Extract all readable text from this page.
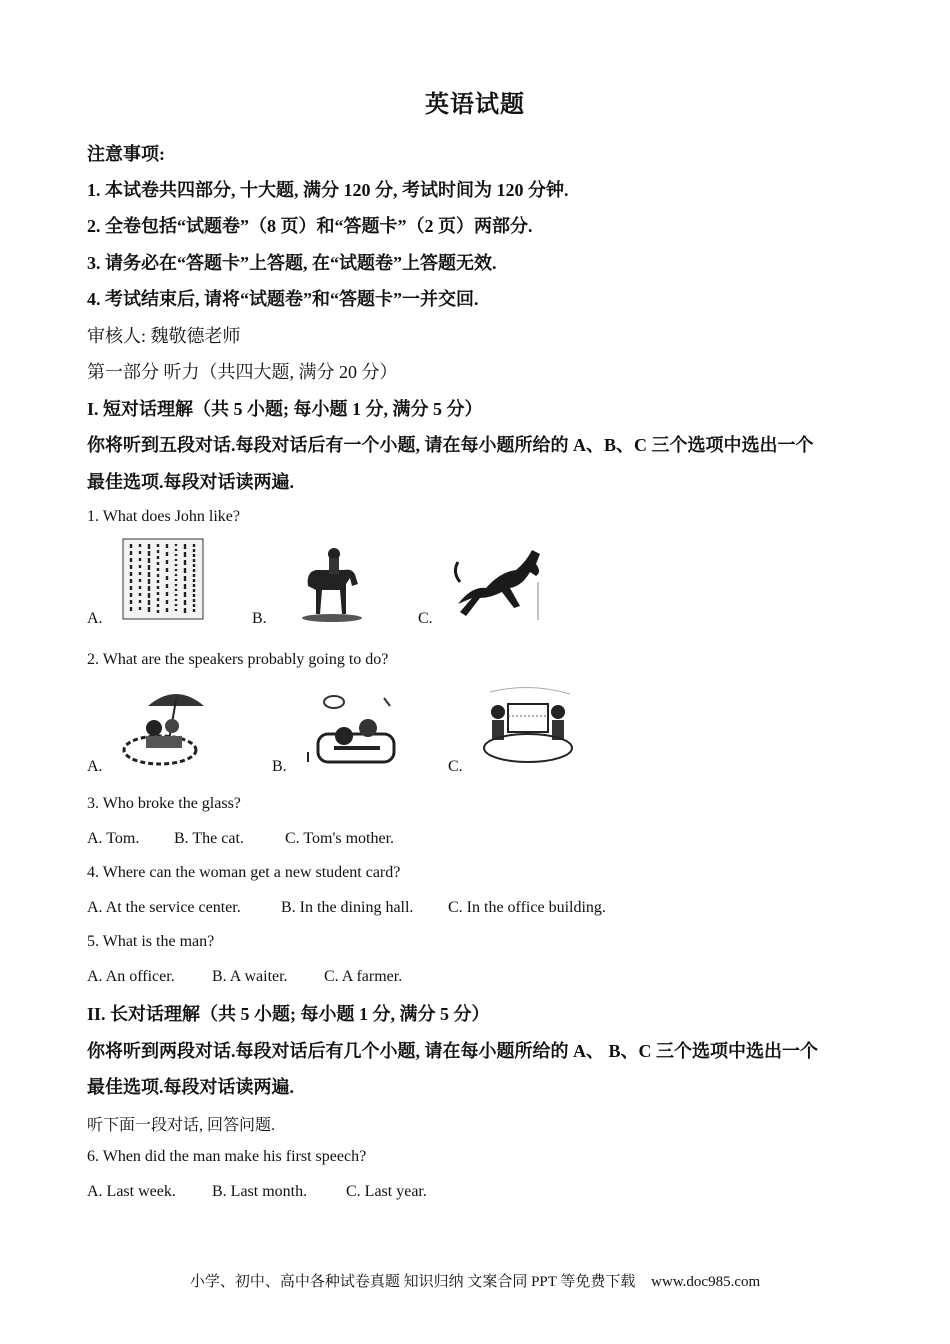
英语试题
注意事项:
1. 本试卷共四部分, 十大题, 满分 120 分, 考试时间为 120 分钟.
2. 全卷包括“试题卷”（8 页）和“答题卡”（2 页）两部分.
3. 请务必在“答题卡”上答题, 在“试题卷”上答题无效.
4. 考试结束后, 请将“试题卷”和“答题卡”一并交回.
审核人: 魏敬德老师
第一部分 听力（共四大题, 满分 20 分）
I. 短对话理解（共 5 小题; 每小题 1 分, 满分 5 分）
你将听到五段对话.每段对话后有一个小题, 请在每小题所给的 A、B、C 三个选项中选出一个
最佳选项.每段对话读两遍.
1. What does John like?
A.	B.	C.
2. What are the speakers probably going to do?
A.	B.	C.
3. Who broke the glass?
A. Tom. B. The cat.	C. Tom's mother.
4. Where can the woman get a new student card?
A. At the service center.	B. In the dining hall. C. In the office building.
5. What is the man?
A. An officer. B. A waiter. C. A farmer.
II. 长对话理解（共 5 小题; 每小题 1 分, 满分 5 分）
你将听到两段对话.每段对话后有几个小题, 请在每小题所给的 A、 B、C 三个选项中选出一个
最佳选项.每段对话读两遍.
听下面一段对话, 回答问题.
6. When did the man make his first speech?
A. Last week. B. Last month. C. Last year.
小学、初中、高中各种试卷真题 知识归纳 文案合同 PPT 等免费下载 www.doc985.com
